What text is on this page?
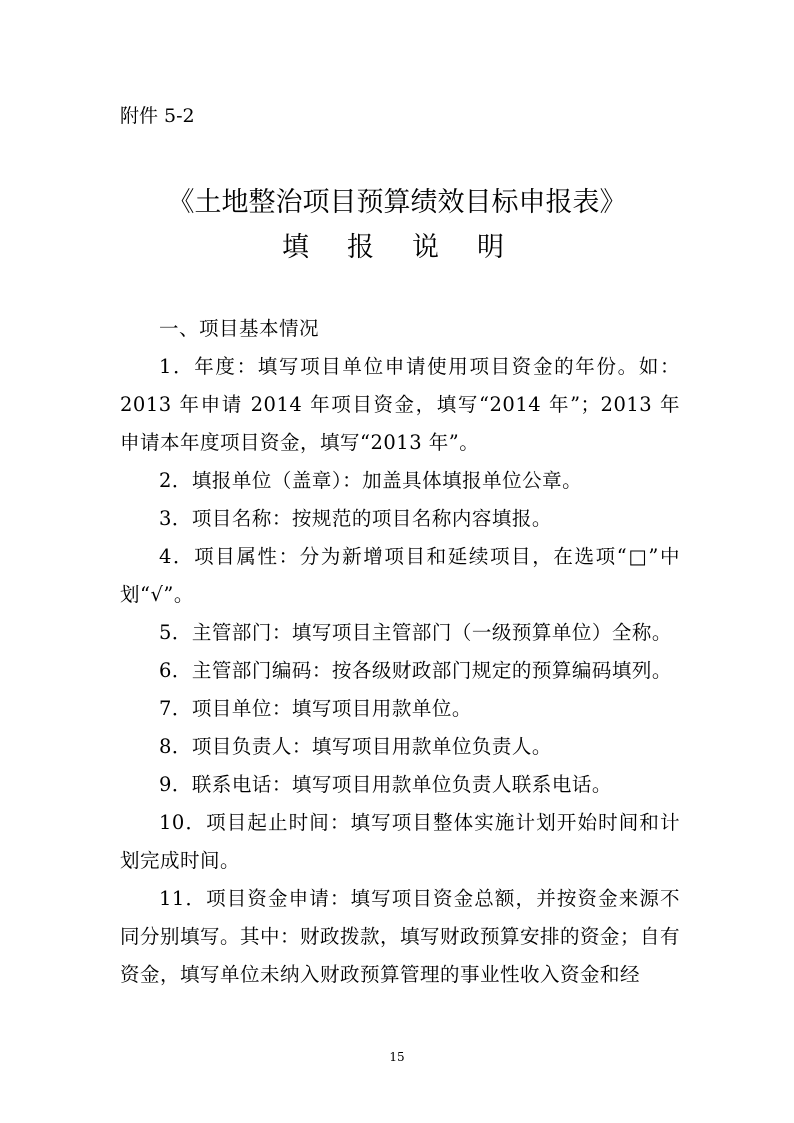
附件 5-2

《土地整治项目预算绩效目标申报表》
填报说明

一、项目基本情况

1．年度：填写项目单位申请使用项目资金的年份。如：2013 年申请 2014 年项目资金，填写“2014 年”；2013 年申请本年度项目资金，填写“2013 年”。

2．填报单位（盖章）：加盖具体填报单位公章。

3．项目名称：按规范的项目名称内容填报。

4．项目属性：分为新增项目和延续项目，在选项“□”中划“√”。

5．主管部门：填写项目主管部门（一级预算单位）全称。

6．主管部门编码：按各级财政部门规定的预算编码填列。

7．项目单位：填写项目用款单位。

8．项目负责人：填写项目用款单位负责人。

9．联系电话：填写项目用款单位负责人联系电话。

10．项目起止时间：填写项目整体实施计划开始时间和计划完成时间。

11．项目资金申请：填写项目资金总额，并按资金来源不同分别填写。其中：财政拨款，填写财政预算安排的资金；自有资金，填写单位未纳入财政预算管理的事业性收入资金和经

15
